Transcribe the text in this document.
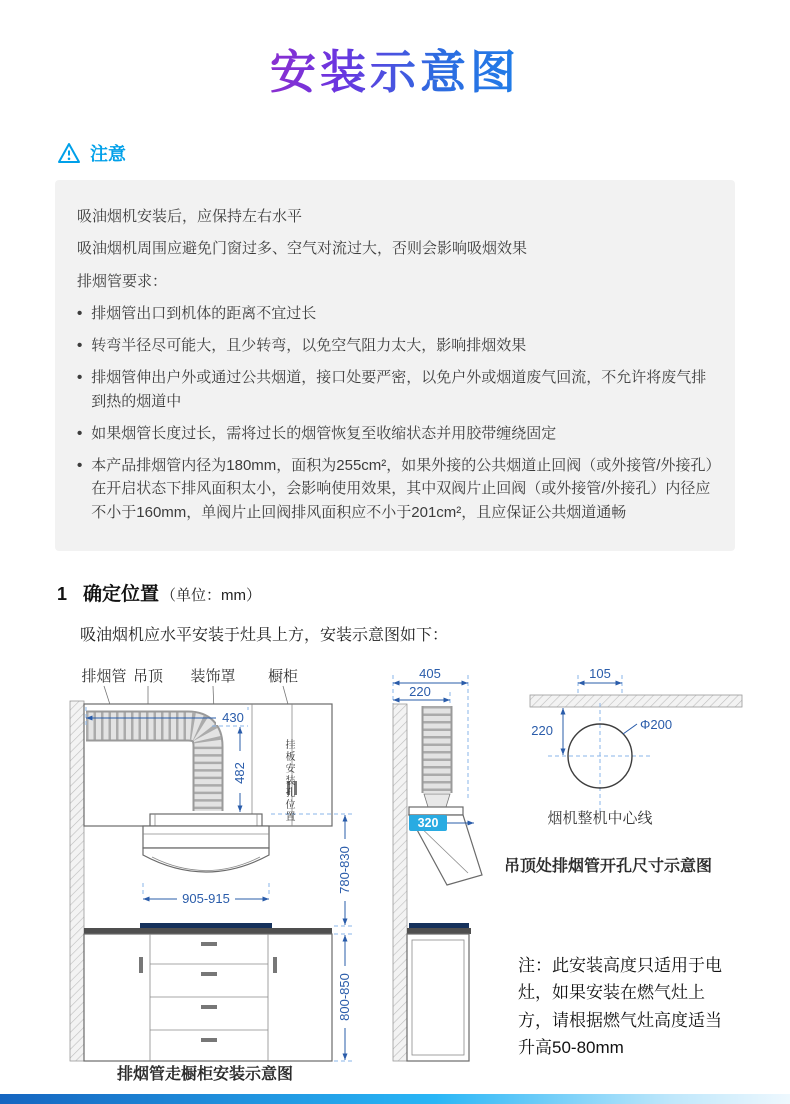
安装示意图
注意

吸油烟机安装后，应保持左右水平

吸油烟机周围应避免门窗过多、空气对流过大，否则会影响吸烟效果

排烟管要求：

• 排烟管出口到机体的距离不宜过长
• 转弯半径尽可能大，且少转弯，以免空气阻力太大，影响排烟效果
• 排烟管伸出户外或通过公共烟道，接口处要严密，以免户外或烟道废气回流，不允许将废气排到热的烟道中
• 如果烟管长度过长，需将过长的烟管恢复至收缩状态并用胶带缠绕固定
• 本产品排烟管内径为180mm，面积为255cm²，如果外接的公共烟道止回阀（或外接管/外接孔）在开启状态下排风面积太小，会影响使用效果，其中双阀片止回阀（或外接管/外接孔）内径应不小于160mm，单阀片止回阀排风面积应不小于201cm²，且应保证公共烟道通畅
1 确定位置 （单位：mm）
吸油烟机应水平安装于灶具上方，安装示意图如下：
排烟管 吊顶 装饰罩 橱柜
430
482
905-915
排烟管走橱柜安装示意图
780-830
800-850
405
220
320
105
220	Φ200
烟机整机中心线
吊顶处排烟管开孔尺寸示意图
挂板安装孔位置
注：此安装高度只适用于电灶，如果安装在燃气灶上方，请根据燃气灶高度适当升高50-80mm
